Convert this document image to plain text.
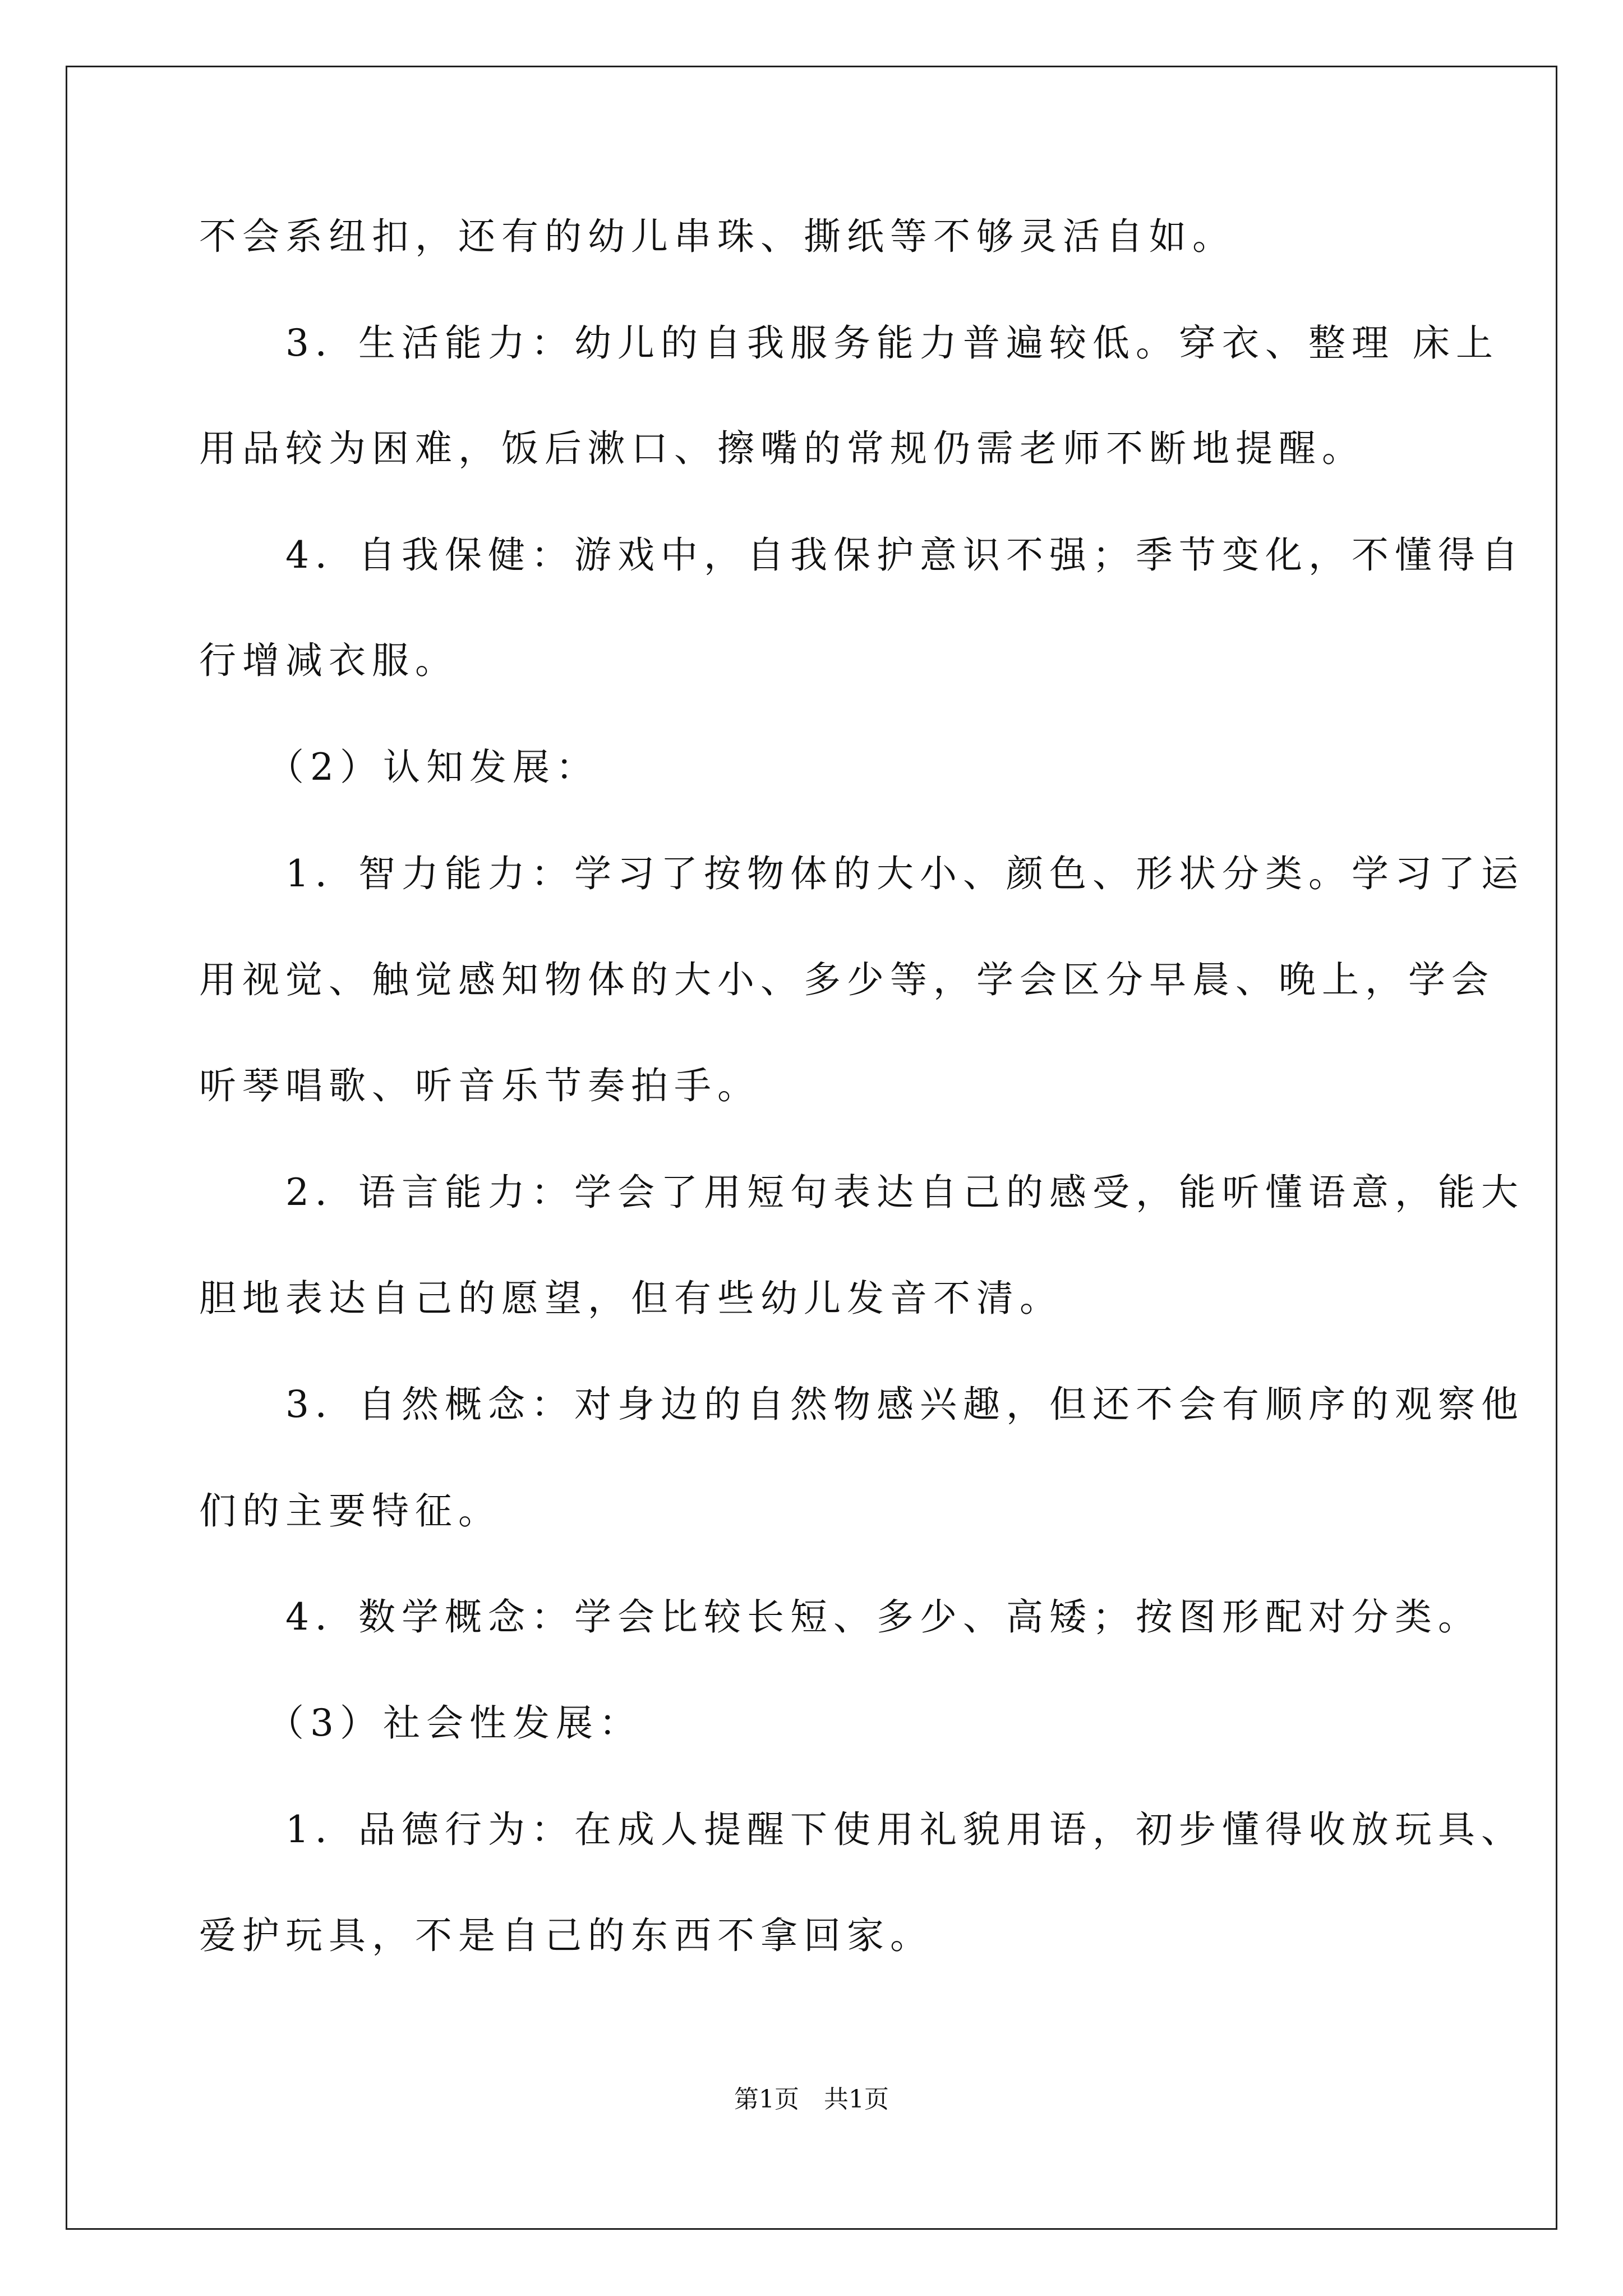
不会系纽扣，还有的幼儿串珠、撕纸等不够灵活自如。
　　3．生活能力：幼儿的自我服务能力普遍较低。穿衣、整理 床上
用品较为困难，饭后漱口、擦嘴的常规仍需老师不断地提醒。
　　4．自我保健：游戏中，自我保护意识不强；季节变化，不懂得自
行增减衣服。
　　（2）认知发展：
　　1．智力能力：学习了按物体的大小、颜色、形状分类。学习了运
用视觉、触觉感知物体的大小、多少等，学会区分早晨、晚上，学会
听琴唱歌、听音乐节奏拍手。
　　2．语言能力：学会了用短句表达自己的感受，能听懂语意，能大
胆地表达自己的愿望，但有些幼儿发音不清。
　　3．自然概念：对身边的自然物感兴趣，但还不会有顺序的观察他
们的主要特征。
　　4．数学概念：学会比较长短、多少、高矮；按图形配对分类。
　　（3）社会性发展：
　　1．品德行为：在成人提醒下使用礼貌用语，初步懂得收放玩具、
爱护玩具，不是自己的东西不拿回家。
第1页　共1页
